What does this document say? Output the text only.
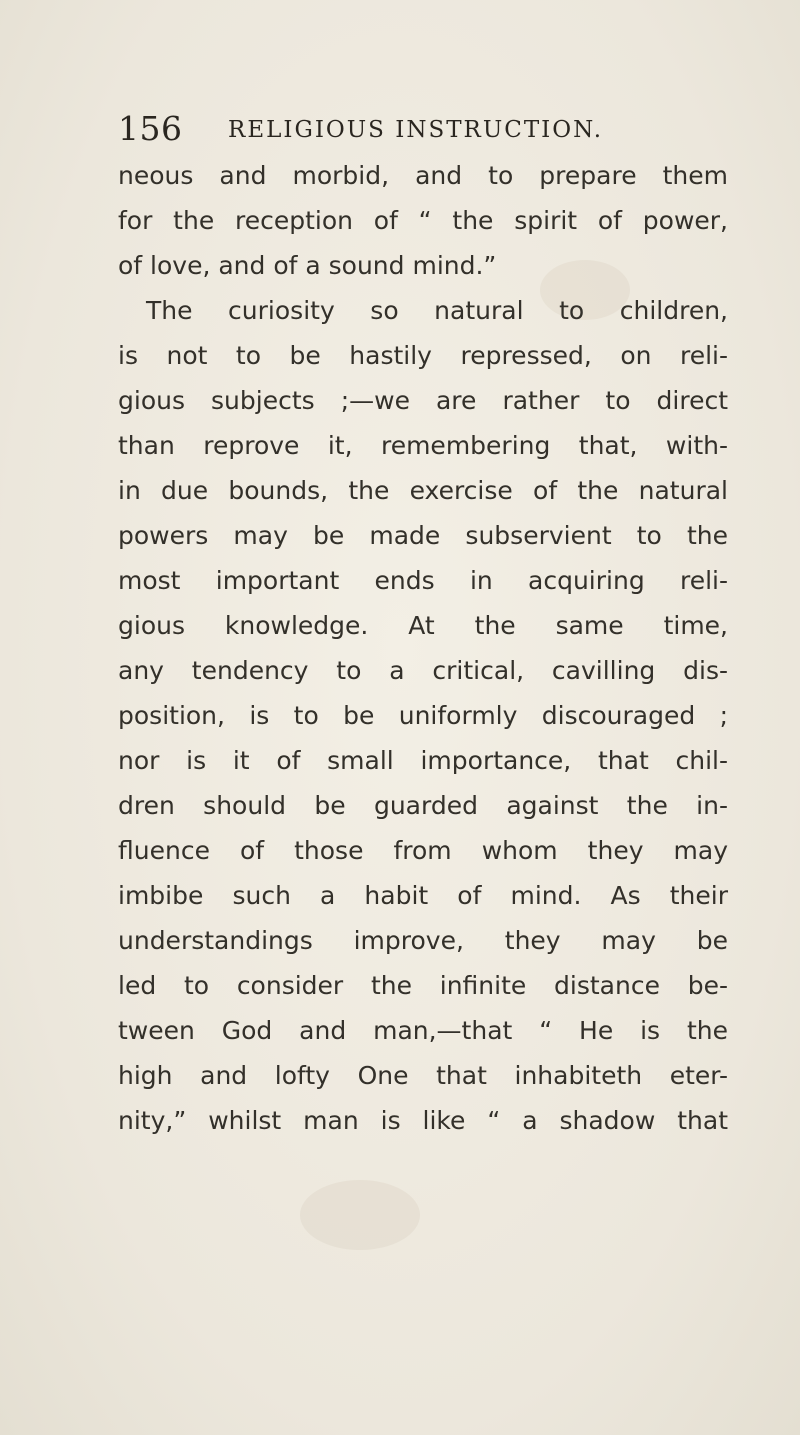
156 RELIGIOUS INSTRUCTION.
neous and morbid, and to prepare them
for the reception of “ the spirit of power,
of love, and of a sound mind.”
The curiosity so natural to children,
is not to be hastily repressed, on reli-
gious subjects ;—we are rather to direct
than reprove it, remembering that, with-
in due bounds, the exercise of the natural
powers may be made subservient to the
most important ends in acquiring reli-
gious knowledge. At the same time,
any tendency to a critical, cavilling dis-
position, is to be uniformly discouraged ;
nor is it of small importance, that chil-
dren should be guarded against the in-
fluence of those from whom they may
imbibe such a habit of mind. As their
understandings improve, they may be
led to consider the infinite distance be-
tween God and man,—that “ He is the
high and lofty One that inhabiteth eter-
nity,” whilst man is like “ a shadow that
